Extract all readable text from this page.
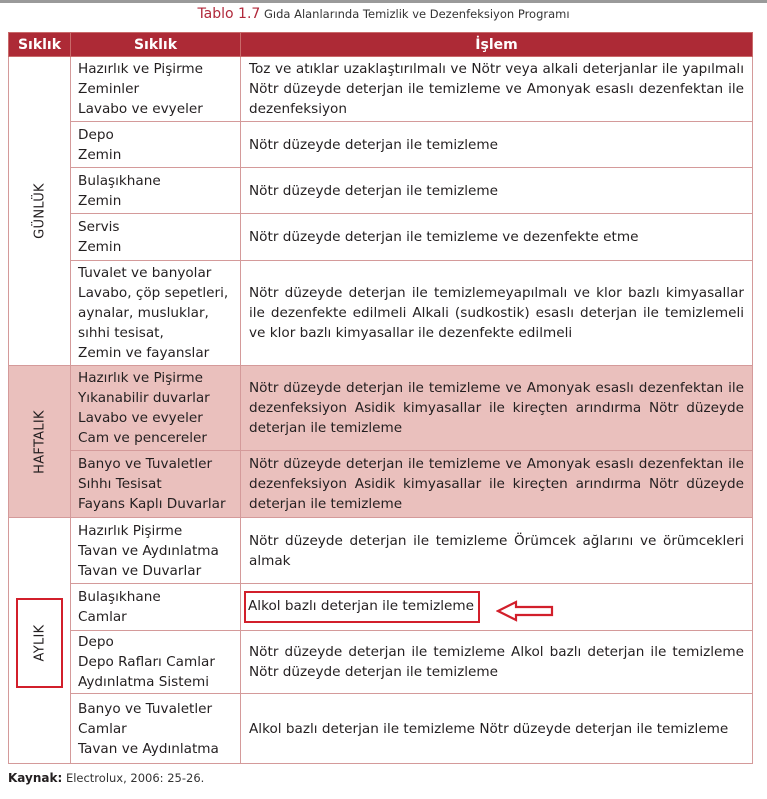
Tablo 1.7 Gıda Alanlarında Temizlik ve Dezenfeksiyon Programı
Sıklık	Sıklık	İşlem

GÜNLÜK	Hazırlık ve Pişirme
Zeminler
Lavabo ve evyeler	Toz ve atıklar uzaklaştırılmalı ve Nötr veya alkali deterjanlar ile yapılmalı Nötr düzeyde deterjan ile temizleme ve Amonyak esaslı dezenfektan ile dezenfeksiyon

	Depo
Zemin	Nötr düzeyde deterjan ile temizleme

	Bulaşıkhane
Zemin	Nötr düzeyde deterjan ile temizleme

	Servis
Zemin	Nötr düzeyde deterjan ile temizleme ve dezenfekte etme

	Tuvalet ve banyolar
Lavabo, çöp sepetleri,
aynalar, musluklar,
sıhhi tesisat,
Zemin ve fayanslar	Nötr düzeyde deterjan ile temizlemeyapılmalı ve klor bazlı kimyasallar ile dezenfekte edilmeli Alkali (sudkostik) esaslı deterjan ile temizlemeli ve klor bazlı kimyasallar ile dezenfekte edilmeli

HAFTALIK	Hazırlık ve Pişirme
Yıkanabilir duvarlar
Lavabo ve evyeler
Cam ve pencereler	Nötr düzeyde deterjan ile temizleme ve Amonyak esaslı dezenfektan ile dezenfeksiyon Asidik kimyasallar ile kireçten arındırma Nötr düzeyde deterjan ile temizleme

	Banyo ve Tuvaletler
Sıhhı Tesisat
Fayans Kaplı Duvarlar	Nötr düzeyde deterjan ile temizleme ve Amonyak esaslı dezenfektan ile dezenfeksiyon Asidik kimyasallar ile kireçten arındırma Nötr düzeyde deterjan ile temizleme

AYLIK	Hazırlık Pişirme
Tavan ve Aydınlatma
Tavan ve Duvarlar	Nötr düzeyde deterjan ile temizleme Örümcek ağlarını ve örümcekleri almak

	Bulaşıkhane
Camlar	Alkol bazlı deterjan ile temizleme

	Depo
Depo Rafları Camlar
Aydınlatma Sistemi	Nötr düzeyde deterjan ile temizleme Alkol bazlı deterjan ile temizleme Nötr düzeyde deterjan ile temizleme

	Banyo ve Tuvaletler
Camlar
Tavan ve Aydınlatma	Alkol bazlı deterjan ile temizleme Nötr düzeyde deterjan ile temizleme
Kaynak: Electrolux, 2006: 25-26.
